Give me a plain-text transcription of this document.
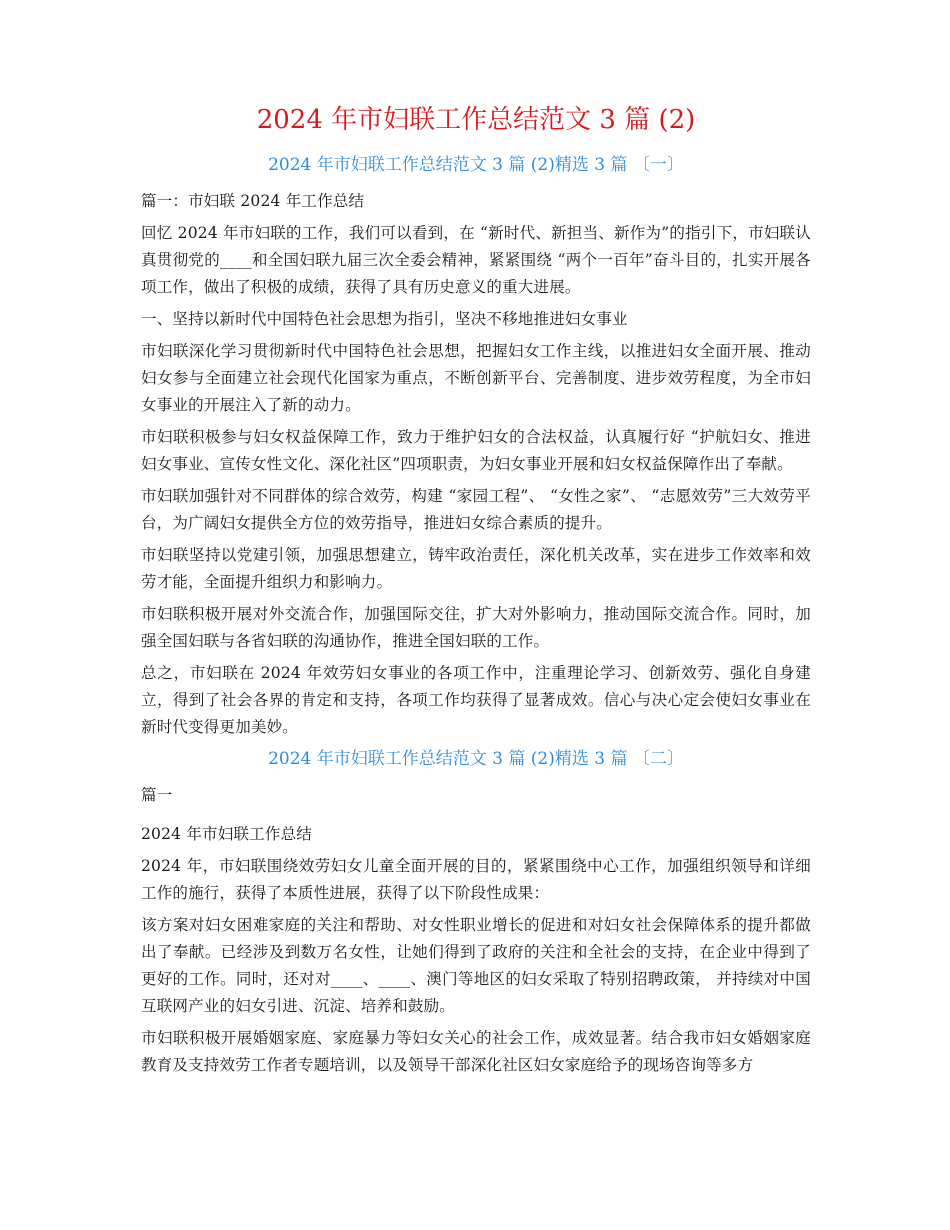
2024 年市妇联工作总结范文 3 篇 (2)
2024 年市妇联工作总结范文 3 篇 (2)精选 3 篇 〔一〕

篇一：市妇联 2024 年工作总结

回忆 2024 年市妇联的工作，我们可以看到，在 “新时代、新担当、新作为”的指引下，市妇联认真贯彻党的____和全国妇联九届三次全委会精神，紧紧围绕 “两个一百年”奋斗目的，扎实开展各项工作，做出了积极的成绩，获得了具有历史意义的重大进展。

一、坚持以新时代中国特色社会思想为指引，坚决不移地推进妇女事业

市妇联深化学习贯彻新时代中国特色社会思想，把握妇女工作主线，以推进妇女全面开展、推动妇女参与全面建立社会现代化国家为重点，不断创新平台、完善制度、进步效劳程度，为全市妇女事业的开展注入了新的动力。

市妇联积极参与妇女权益保障工作，致力于维护妇女的合法权益，认真履行好 “护航妇女、推进妇女事业、宣传女性文化、深化社区”四项职责，为妇女事业开展和妇女权益保障作出了奉献。

市妇联加强针对不同群体的综合效劳，构建 “家园工程”、 “女性之家”、 “志愿效劳”三大效劳平台，为广阔妇女提供全方位的效劳指导，推进妇女综合素质的提升。

市妇联坚持以党建引领，加强思想建立，铸牢政治责任，深化机关改革，实在进步工作效率和效劳才能，全面提升组织力和影响力。

市妇联积极开展对外交流合作，加强国际交往，扩大对外影响力，推动国际交流合作。同时，加强全国妇联与各省妇联的沟通协作，推进全国妇联的工作。

总之，市妇联在 2024 年效劳妇女事业的各项工作中，注重理论学习、创新效劳、强化自身建立，得到了社会各界的肯定和支持，各项工作均获得了显著成效。信心与决心定会使妇女事业在新时代变得更加美妙。

2024 年市妇联工作总结范文 3 篇 (2)精选 3 篇 〔二〕

篇一

2024 年市妇联工作总结

2024 年，市妇联围绕效劳妇女儿童全面开展的目的，紧紧围绕中心工作，加强组织领导和详细工作的施行，获得了本质性进展，获得了以下阶段性成果：

该方案对妇女困难家庭的关注和帮助、对女性职业增长的促进和对妇女社会保障体系的提升都做出了奉献。已经涉及到数万名女性，让她们得到了政府的关注和全社会的支持，在企业中得到了更好的工作。同时，还对对____、____、澳门等地区的妇女采取了特别招聘政策， 并持续对中国互联网产业的妇女引进、沉淀、培养和鼓励。

市妇联积极开展婚姻家庭、家庭暴力等妇女关心的社会工作，成效显著。结合我市妇女婚姻家庭教育及支持效劳工作者专题培训，以及领导干部深化社区妇女家庭给予的现场咨询等多方
